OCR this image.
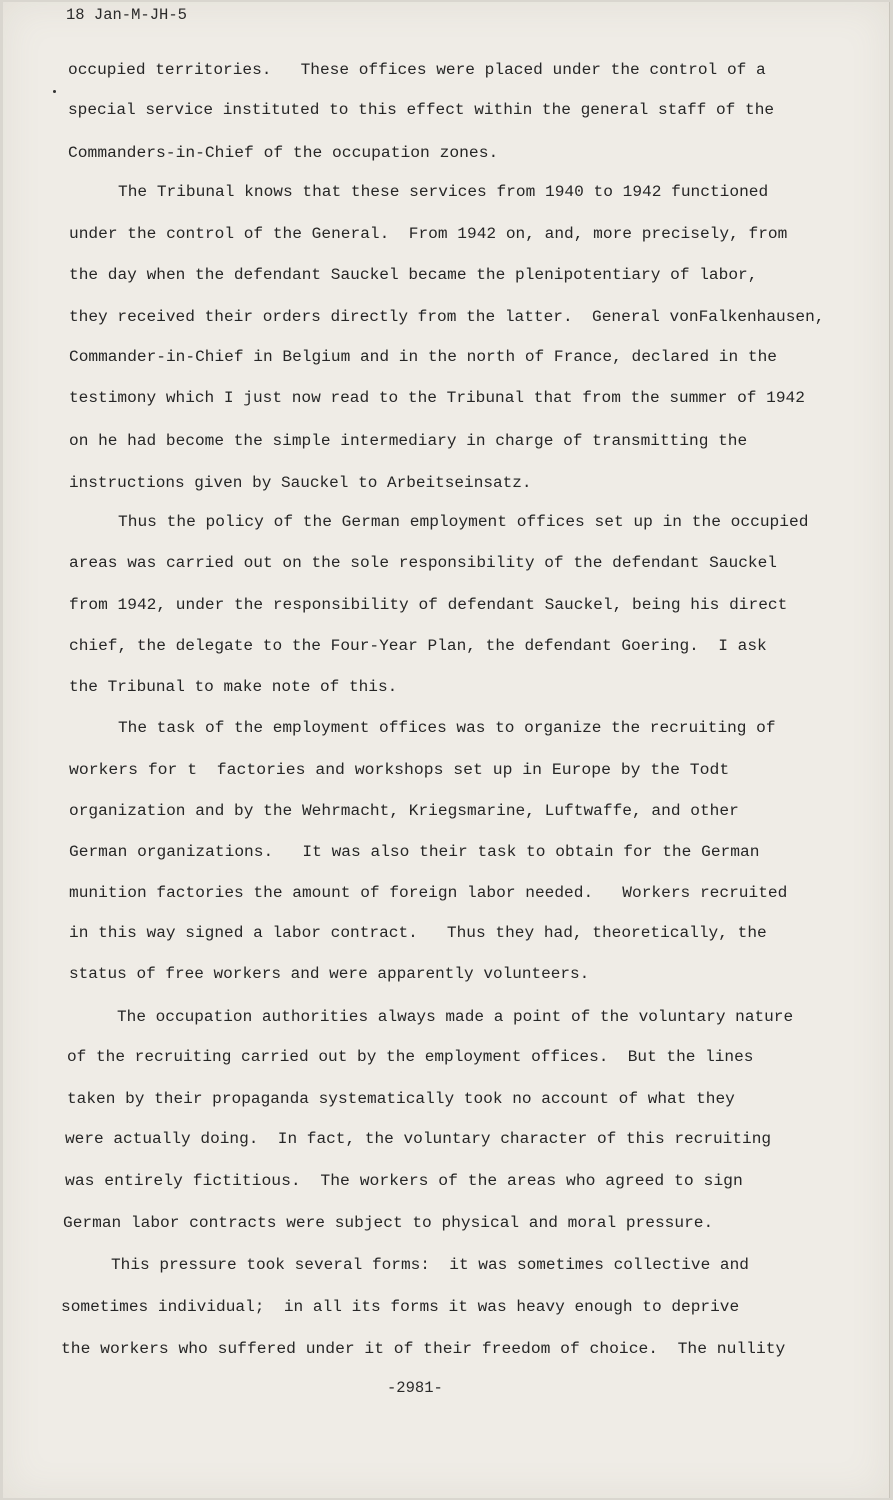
18 Jan-M-JH-5
occupied territories.   These offices were placed under the control of a
special service instituted to this effect within the general staff of the
Commanders-in-Chief of the occupation zones.
The Tribunal knows that these services from 1940 to 1942 functioned
under the control of the General.  From 1942 on, and, more precisely, from
the day when the defendant Sauckel became the plenipotentiary of labor,
they received their orders directly from the latter.  General vonFalkenhausen,
Commander-in-Chief in Belgium and in the north of France, declared in the
testimony which I just now read to the Tribunal that from the summer of 1942
on he had become the simple intermediary in charge of transmitting the
instructions given by Sauckel to Arbeitseinsatz.
Thus the policy of the German employment offices set up in the occupied
areas was carried out on the sole responsibility of the defendant Sauckel
from 1942, under the responsibility of defendant Sauckel, being his direct
chief, the delegate to the Four-Year Plan, the defendant Goering.  I ask
the Tribunal to make note of this.
The task of the employment offices was to organize the recruiting of
workers for t  factories and workshops set up in Europe by the Todt
organization and by the Wehrmacht, Kriegsmarine, Luftwaffe, and other
German organizations.   It was also their task to obtain for the German
munition factories the amount of foreign labor needed.   Workers recruited
in this way signed a labor contract.   Thus they had, theoretically, the
status of free workers and were apparently volunteers.
The occupation authorities always made a point of the voluntary nature
of the recruiting carried out by the employment offices.  But the lines
taken by their propaganda systematically took no account of what they
were actually doing.  In fact, the voluntary character of this recruiting
was entirely fictitious.  The workers of the areas who agreed to sign
German labor contracts were subject to physical and moral pressure.
This pressure took several forms:  it was sometimes collective and
sometimes individual;  in all its forms it was heavy enough to deprive
the workers who suffered under it of their freedom of choice.  The nullity
-2981-
